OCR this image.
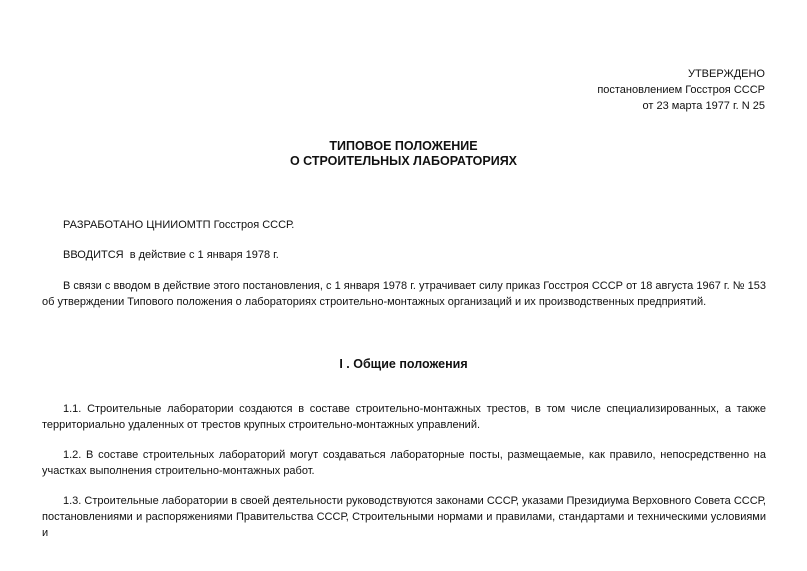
УТВЕРЖДЕНО
постановлением Госстроя СССР
от 23 марта 1977 г. N 25
ТИПОВОЕ ПОЛОЖЕНИЕ
О СТРОИТЕЛЬНЫХ ЛАБОРАТОРИЯХ

РАЗРАБОТАНО ЦНИИОМТП Госстроя СССР.

ВВОДИТСЯ  в действие с 1 января 1978 г.

В связи с вводом в действие этого постановления, с 1 января 1978 г. утрачивает силу приказ Госстроя СССР от 18 августа 1967 г. № 153 об утверждении Типового положения о лабораториях строительно-монтажных организаций и их производственных предприятий.

I . Общие положения

1.1. Строительные лаборатории создаются в составе строительно-монтажных трестов, в том числе специализированных, а также территориально удаленных от трестов крупных строительно-монтажных управлений.

1.2. В составе строительных лабораторий могут создаваться лабораторные посты, размещаемые, как правило, непосредственно на участках выполнения строительно-монтажных работ.

1.3. Строительные лаборатории в своей деятельности руководствуются законами СССР, указами Президиума Верховного Совета СССР, постановлениями и распоряжениями Правительства СССР, Строительными нормами и правилами, стандартами и техническими условиями и
